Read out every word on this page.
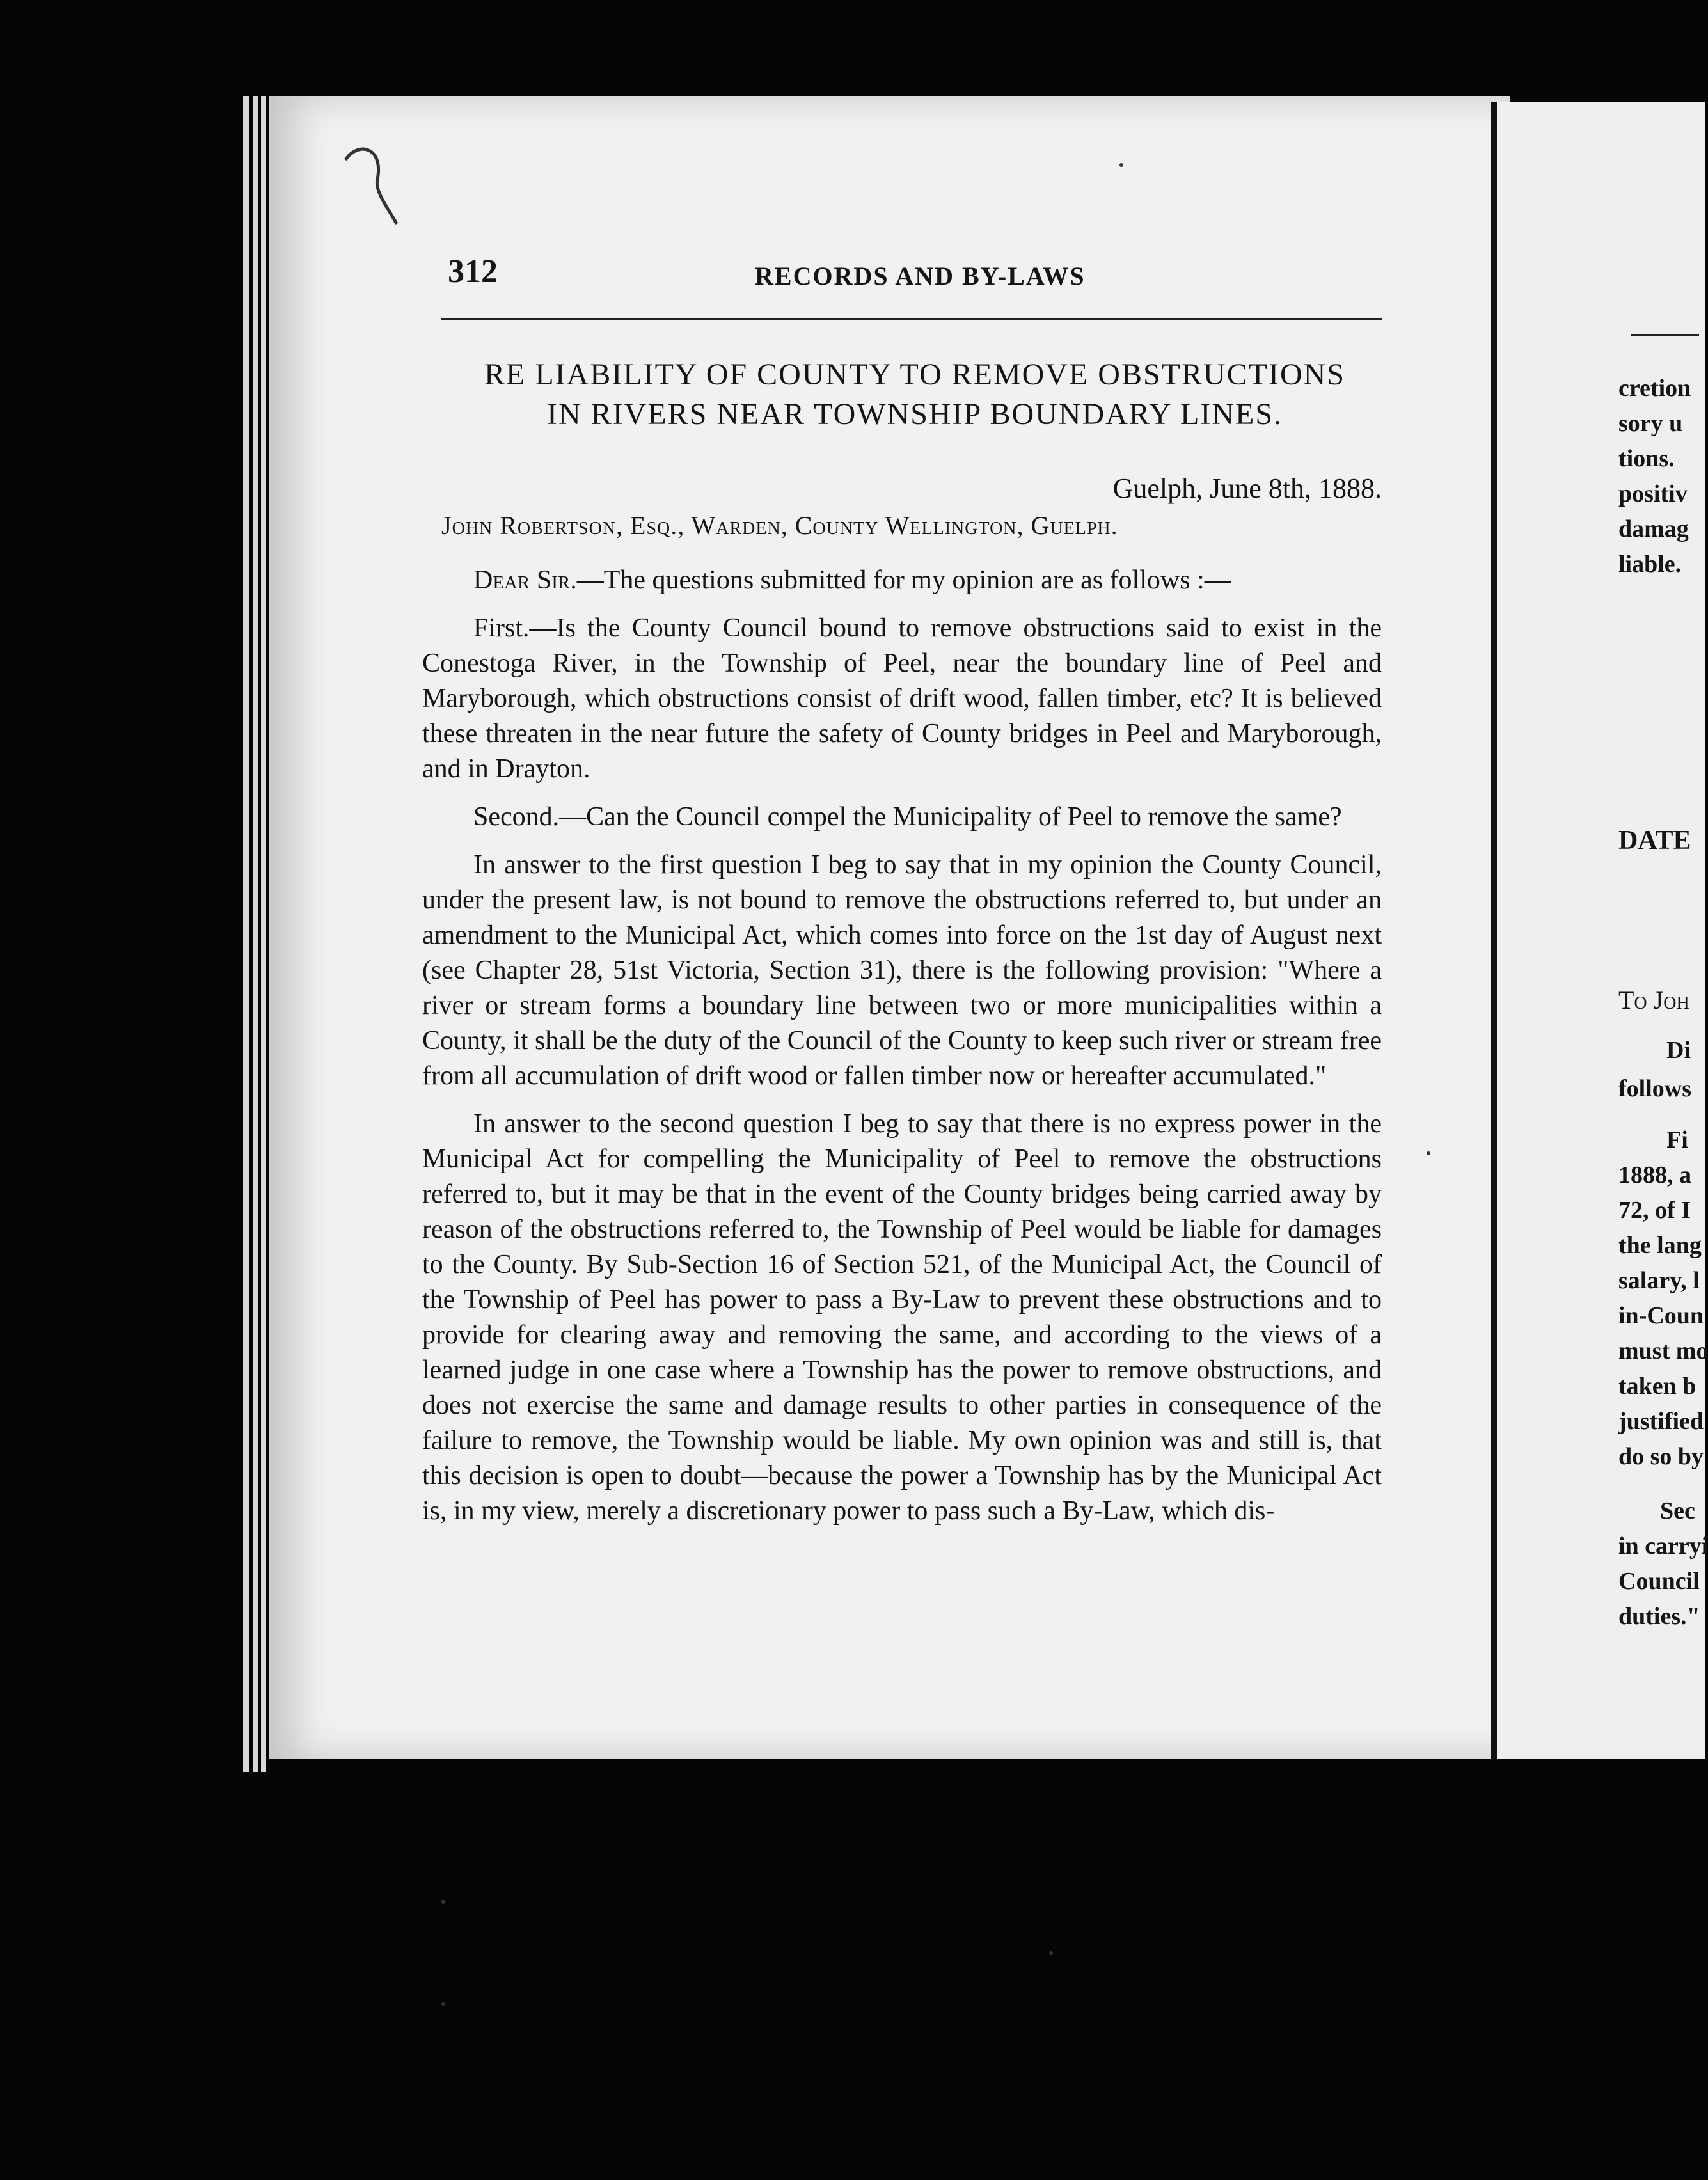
312	RECORDS AND BY-LAWS
RE LIABILITY OF COUNTY TO REMOVE OBSTRUCTIONS
IN RIVERS NEAR TOWNSHIP BOUNDARY LINES.
Guelph, June 8th, 1888.
John Robertson, Esq., Warden, County Wellington, Guelph.

Dear Sir.—The questions submitted for my opinion are as follows :—

First.—Is the County Council bound to remove obstructions said to exist in the Conestoga River, in the Township of Peel, near the boundary line of Peel and Maryborough, which obstructions consist of drift wood, fallen timber, etc? It is believed these threaten in the near future the safety of County bridges in Peel and Maryborough, and in Drayton.

Second.—Can the Council compel the Municipality of Peel to remove the same?

In answer to the first question I beg to say that in my opinion the County Council, under the present law, is not bound to remove the obstructions referred to, but under an amendment to the Municipal Act, which comes into force on the 1st day of August next (see Chapter 28, 51st Victoria, Section 31), there is the following provision: "Where a river or stream forms a boundary line between two or more municipalities within a County, it shall be the duty of the Council of the County to keep such river or stream free from all accumulation of drift wood or fallen timber now or hereafter accumulated."

In answer to the second question I beg to say that there is no express power in the Municipal Act for compelling the Municipality of Peel to remove the obstructions referred to, but it may be that in the event of the County bridges being carried away by reason of the obstructions referred to, the Township of Peel would be liable for damages to the County. By Sub-Section 16 of Section 521, of the Municipal Act, the Council of the Township of Peel has power to pass a By-Law to prevent these obstructions and to provide for clearing away and removing the same, and according to the views of a learned judge in one case where a Township has the power to remove obstructions, and does not exercise the same and damage results to other parties in consequence of the failure to remove, the Township would be liable. My own opinion was and still is, that this decision is open to doubt—because the power a Township has by the Municipal Act is, in my view, merely a discretionary power to pass such a By-Law, which dis-

cretion
sory u
tions.
positiv
damag
liable.
DATE
To Joh
Di
follows
Fi
1888, a
72, of I
the lang
salary, l
in-Coun
must mo
taken b
justified
do so by
Sec
in carryi
Council
duties."
